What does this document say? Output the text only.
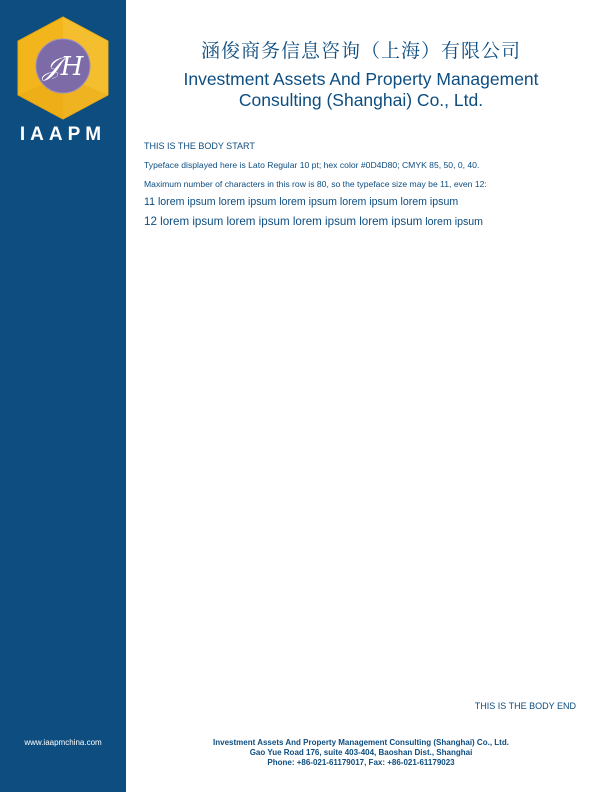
𝒥𝐻
IAAPM
www.iaapmchina.com
涵俊商务信息咨询（上海）有限公司
Investment Assets And Property Management
Consulting (Shanghai) Co., Ltd.
THIS IS THE BODY START
Typeface displayed here is Lato Regular 10 pt; hex color #0D4D80; CMYK 85, 50, 0, 40.
Maximum number of characters in this row is 80, so the typeface size may be 11, even 12:
11 lorem ipsum lorem ipsum lorem ipsum lorem ipsum lorem ipsum
12 lorem ipsum lorem ipsum lorem ipsum lorem ipsum lorem ipsum
THIS IS THE BODY END
Investment Assets And Property Management Consulting (Shanghai) Co., Ltd.
Gao Yue Road 176, suite 403-404, Baoshan Dist., Shanghai
Phone: +86-021-61179017, Fax: +86-021-61179023
